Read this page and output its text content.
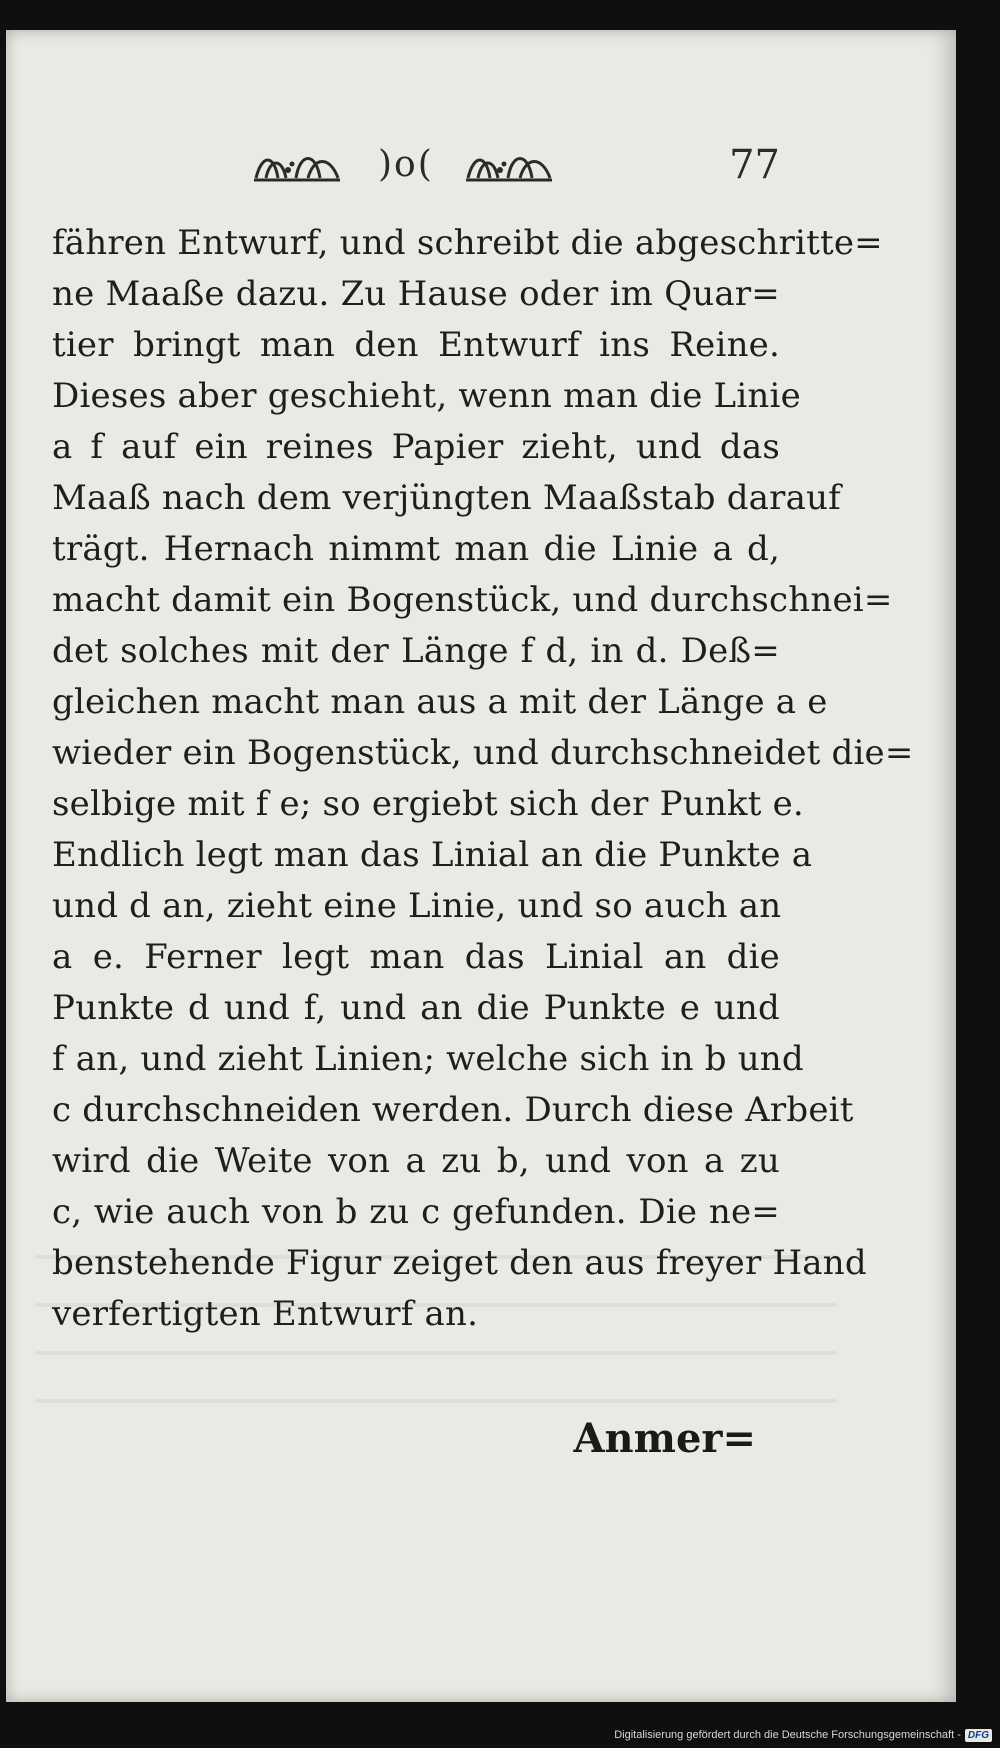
)o(	77
fähren Entwurf, und schreibt die abgeschritte=
ne Maaße dazu. Zu Hause oder im Quar=
tier bringt man den Entwurf ins Reine.
Dieses aber geschieht, wenn man die Linie
a f auf ein reines Papier zieht, und das
Maaß nach dem verjüngten Maaßstab darauf
trägt. Hernach nimmt man die Linie a d,
macht damit ein Bogenstück, und durchschnei=
det solches mit der Länge f d, in d. Deß=
gleichen macht man aus a mit der Länge a e
wieder ein Bogenstück, und durchschneidet die=
selbige mit f e; so ergiebt sich der Punkt e.
Endlich legt man das Linial an die Punkte a
und d an, zieht eine Linie, und so auch an
a e. Ferner legt man das Linial an die
Punkte d und f, und an die Punkte e und
f an, und zieht Linien; welche sich in b und
c durchschneiden werden. Durch diese Arbeit
wird die Weite von a zu b, und von a zu
c, wie auch von b zu c gefunden. Die ne=
benstehende Figur zeiget den aus freyer Hand
verfertigten Entwurf an.
Anmer=
Digitalisierung gefördert durch die Deutsche Forschungsgemeinschaft - DFG
